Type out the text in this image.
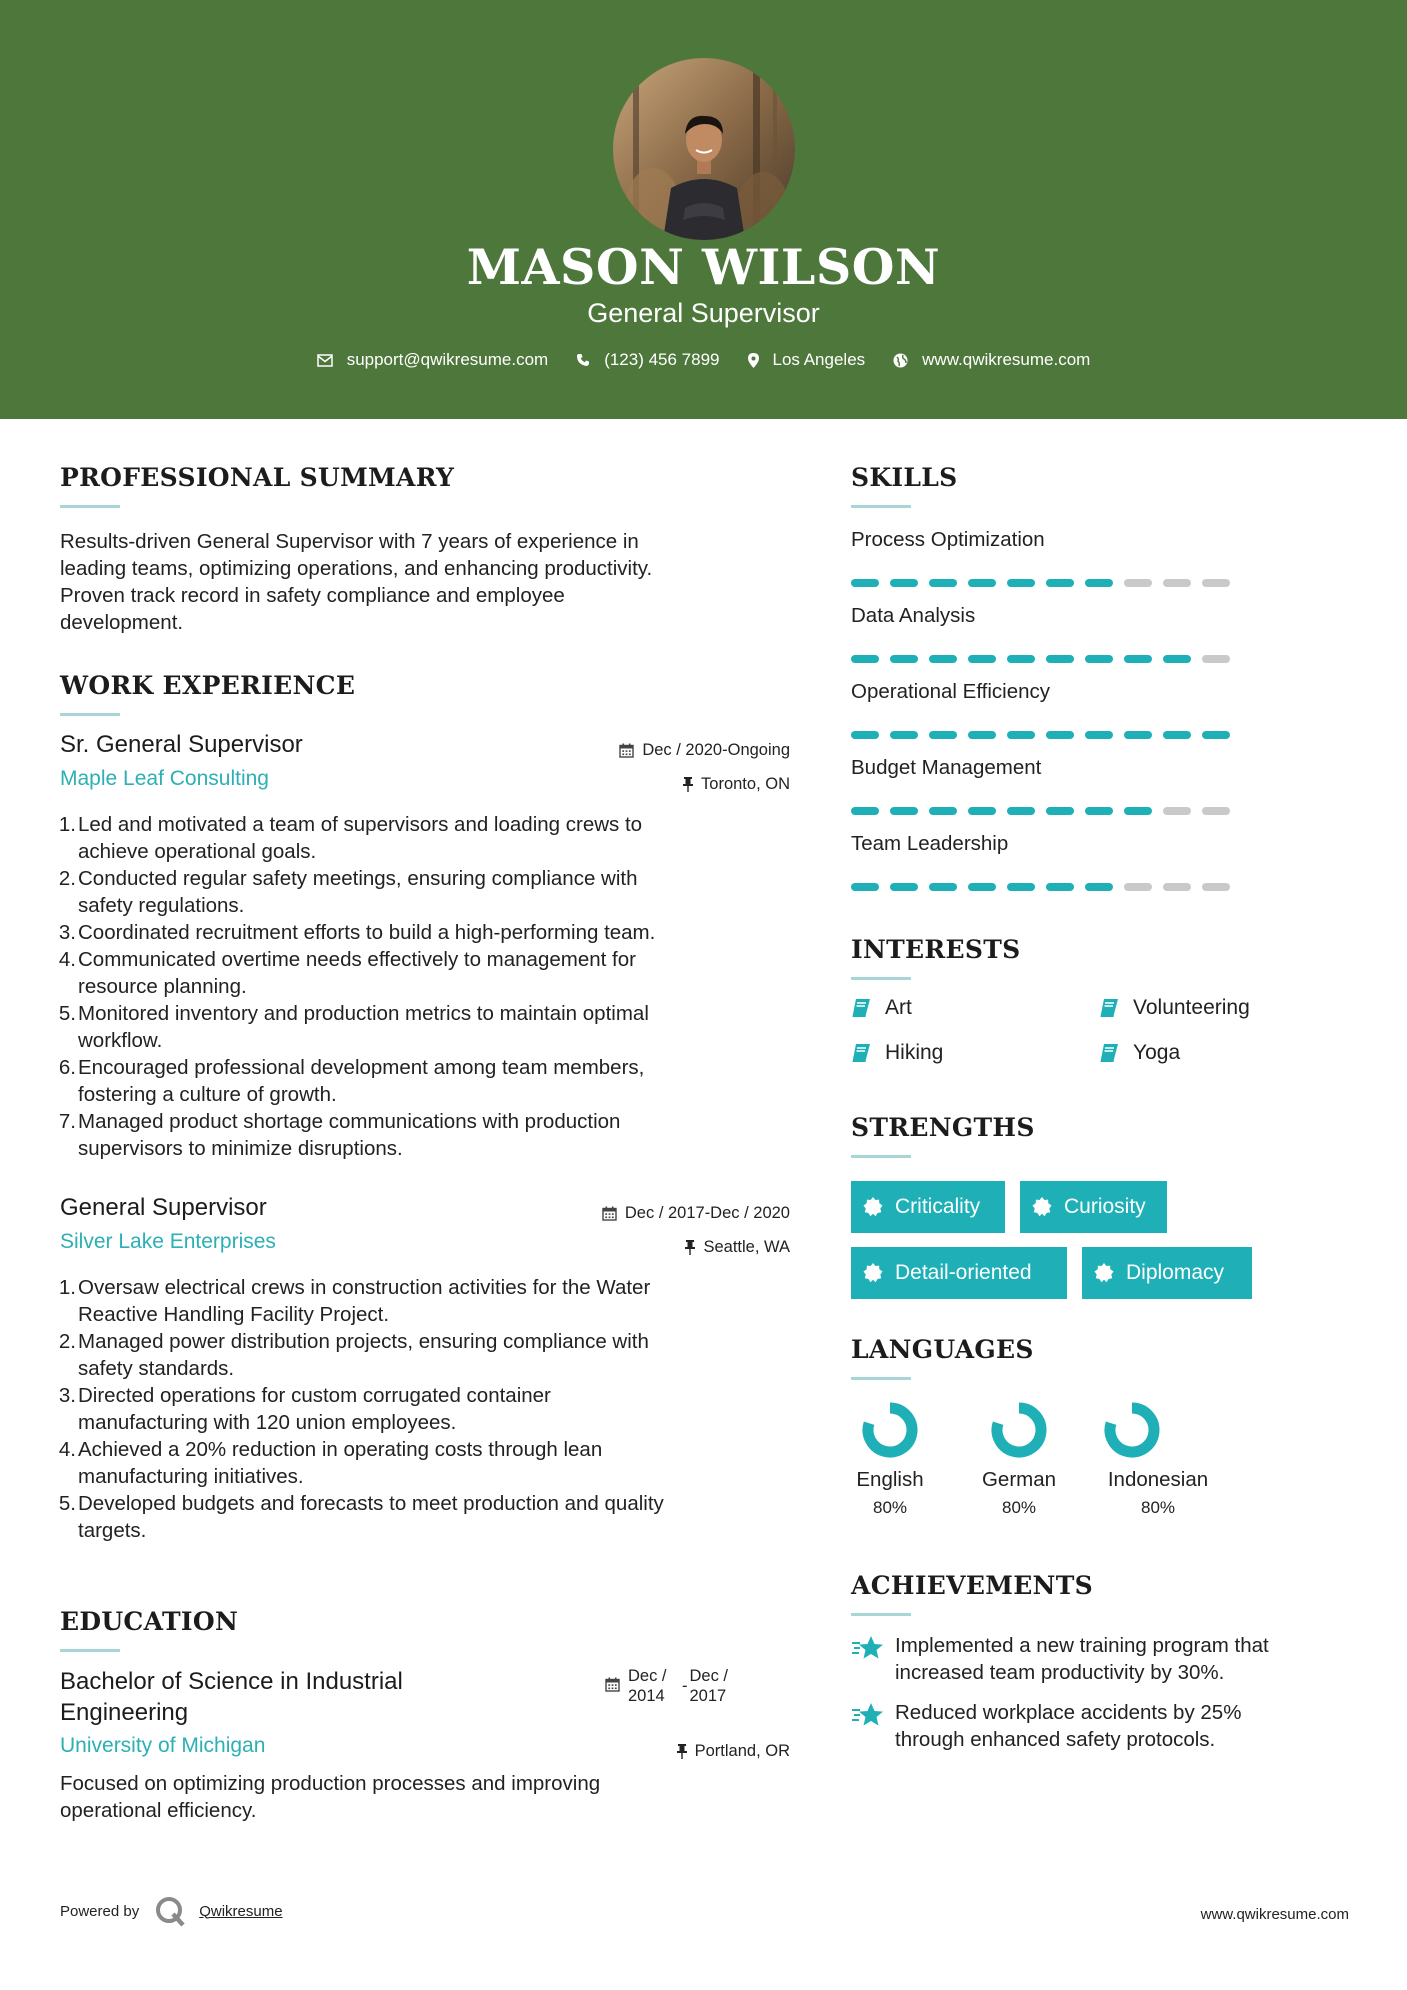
MASON WILSON
General Supervisor
support@qwikresume.com	(123) 456 7899	Los Angeles	www.qwikresume.com
PROFESSIONAL SUMMARY
Results-driven General Supervisor with 7 years of experience in
leading teams, optimizing operations, and enhancing productivity.
Proven track record in safety compliance and employee
development.
WORK EXPERIENCE
Sr. General Supervisor	Dec / 2020-Ongoing
Maple Leaf Consulting	Toronto, ON
1. Led and motivated a team of supervisors and loading crews to
achieve operational goals.
2. Conducted regular safety meetings, ensuring compliance with
safety regulations.
3. Coordinated recruitment efforts to build a high-performing team.
4. Communicated overtime needs effectively to management for
resource planning.
5. Monitored inventory and production metrics to maintain optimal
workflow.
6. Encouraged professional development among team members,
fostering a culture of growth.
7. Managed product shortage communications with production
supervisors to minimize disruptions.
General Supervisor	Dec / 2017-Dec / 2020
Silver Lake Enterprises	Seattle, WA
1. Oversaw electrical crews in construction activities for the Water
Reactive Handling Facility Project.
2. Managed power distribution projects, ensuring compliance with
safety standards.
3. Directed operations for custom corrugated container
manufacturing with 120 union employees.
4. Achieved a 20% reduction in operating costs through lean
manufacturing initiatives.
5. Developed budgets and forecasts to meet production and quality
targets.
EDUCATION
Bachelor of Science in Industrial
Engineering
Dec /
2014
-
Dec /
2017
University of Michigan	Portland, OR
Focused on optimizing production processes and improving
operational efficiency.
SKILLS
Process Optimization
Data Analysis
Operational Efficiency
Budget Management
Team Leadership
INTERESTS
Art	Volunteering
Hiking	Yoga
STRENGTHS
Criticality	Curiosity
Detail-oriented	Diplomacy
LANGUAGES
English
80%
German
80%
Indonesian
80%
ACHIEVEMENTS
Implemented a new training program that
increased team productivity by 30%.
Reduced workplace accidents by 25%
through enhanced safety protocols.
Powered by	Qwikresume	www.qwikresume.com
